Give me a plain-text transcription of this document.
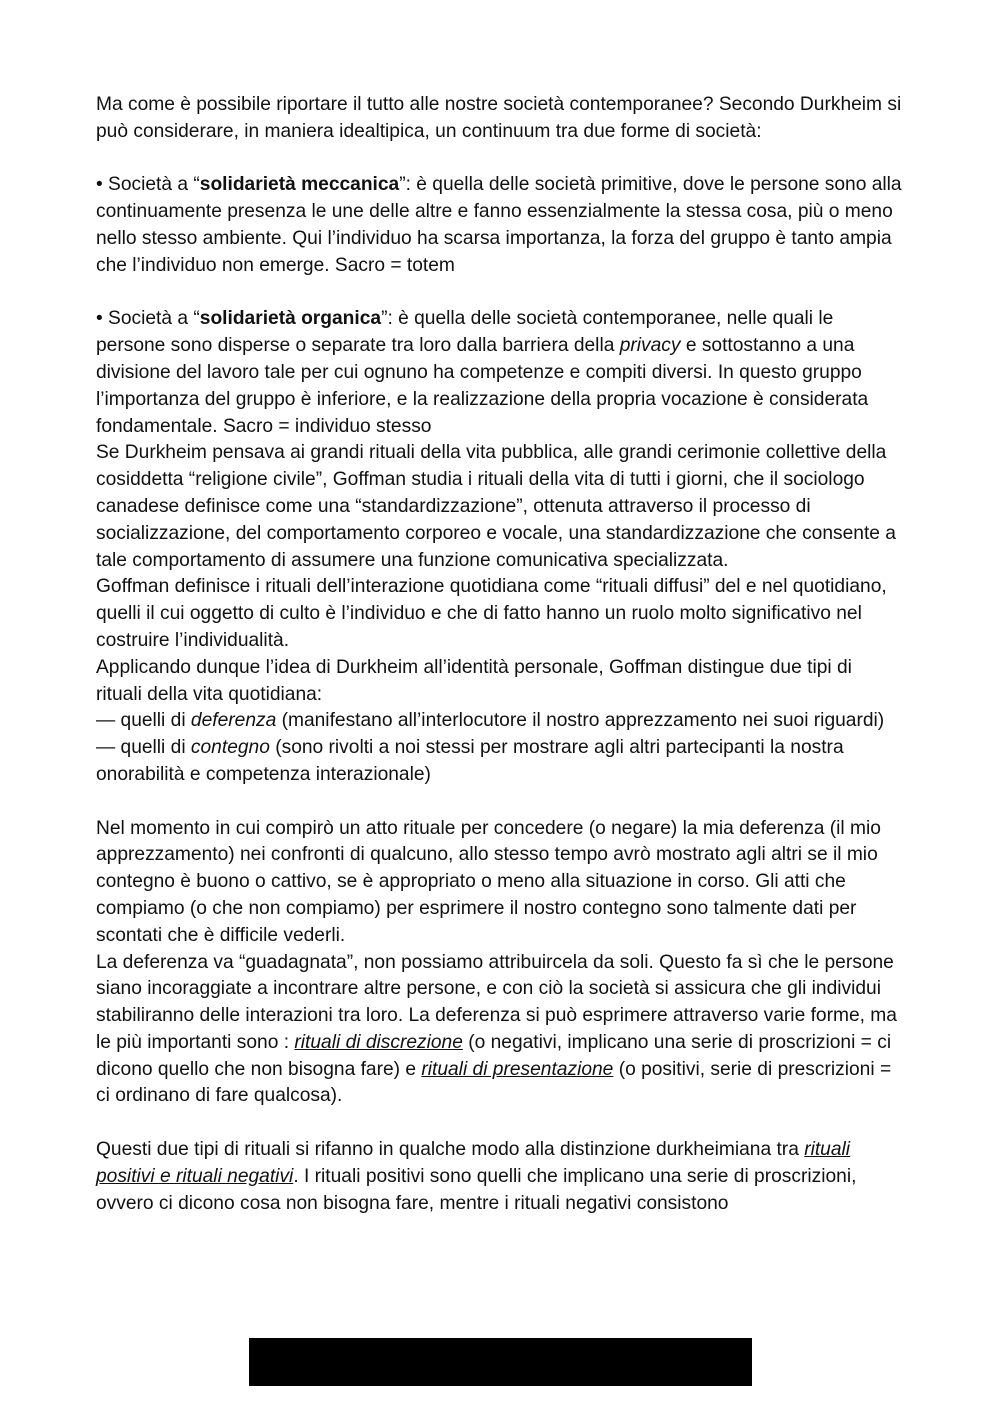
Ma come è possibile riportare il tutto alle nostre società contemporanee? Secondo Durkheim si può considerare, in maniera idealtipica, un continuum tra due forme di società:

• Società a “solidarietà meccanica”: è quella delle società primitive, dove le persone sono alla continuamente presenza le une delle altre e fanno essenzialmente la stessa cosa, più o meno nello stesso ambiente. Qui l’individuo ha scarsa importanza, la forza del gruppo è tanto ampia che l’individuo non emerge. Sacro = totem

• Società a “solidarietà organica”: è quella delle società contemporanee, nelle quali le persone sono disperse o separate tra loro dalla barriera della privacy e sottostanno a una divisione del lavoro tale per cui ognuno ha competenze e compiti diversi. In questo gruppo l’importanza del gruppo è inferiore, e la realizzazione della propria vocazione è considerata fondamentale. Sacro = individuo stesso

Se Durkheim pensava ai grandi rituali della vita pubblica, alle grandi cerimonie collettive della cosiddetta “religione civile”, Goffman studia i rituali della vita di tutti i giorni, che il sociologo canadese definisce come una “standardizzazione”, ottenuta attraverso il processo di socializzazione, del comportamento corporeo e vocale, una standardizzazione che consente a tale comportamento di assumere una funzione comunicativa specializzata.

Goffman definisce i rituali dell’interazione quotidiana come “rituali diffusi” del e nel quotidiano, quelli il cui oggetto di culto è l’individuo e che di fatto hanno un ruolo molto significativo nel costruire l’individualità.

Applicando dunque l’idea di Durkheim all’identità personale, Goffman distingue due tipi di rituali della vita quotidiana:

— quelli di deferenza (manifestano all’interlocutore il nostro apprezzamento nei suoi riguardi)

— quelli di contegno (sono rivolti a noi stessi per mostrare agli altri partecipanti la nostra onorabilità e competenza interazionale)

Nel momento in cui compirò un atto rituale per concedere (o negare) la mia deferenza (il mio apprezzamento) nei confronti di qualcuno, allo stesso tempo avrò mostrato agli altri se il mio contegno è buono o cattivo, se è appropriato o meno alla situazione in corso. Gli atti che compiamo (o che non compiamo) per esprimere il nostro contegno sono talmente dati per scontati che è difficile vederli.

La deferenza va “guadagnata”, non possiamo attribuircela da soli. Questo fa sì che le persone siano incoraggiate a incontrare altre persone, e con ciò la società si assicura che gli individui stabiliranno delle interazioni tra loro. La deferenza si può esprimere attraverso varie forme, ma le più importanti sono : rituali di discrezione (o negativi, implicano una serie di proscrizioni = ci dicono quello che non bisogna fare) e rituali di presentazione (o positivi, serie di prescrizioni = ci ordinano di fare qualcosa).

Questi due tipi di rituali si rifanno in qualche modo alla distinzione durkheimiana tra rituali positivi e rituali negativi. I rituali positivi sono quelli che implicano una serie di proscrizioni, ovvero ci dicono cosa non bisogna fare, mentre i rituali negativi consistono
